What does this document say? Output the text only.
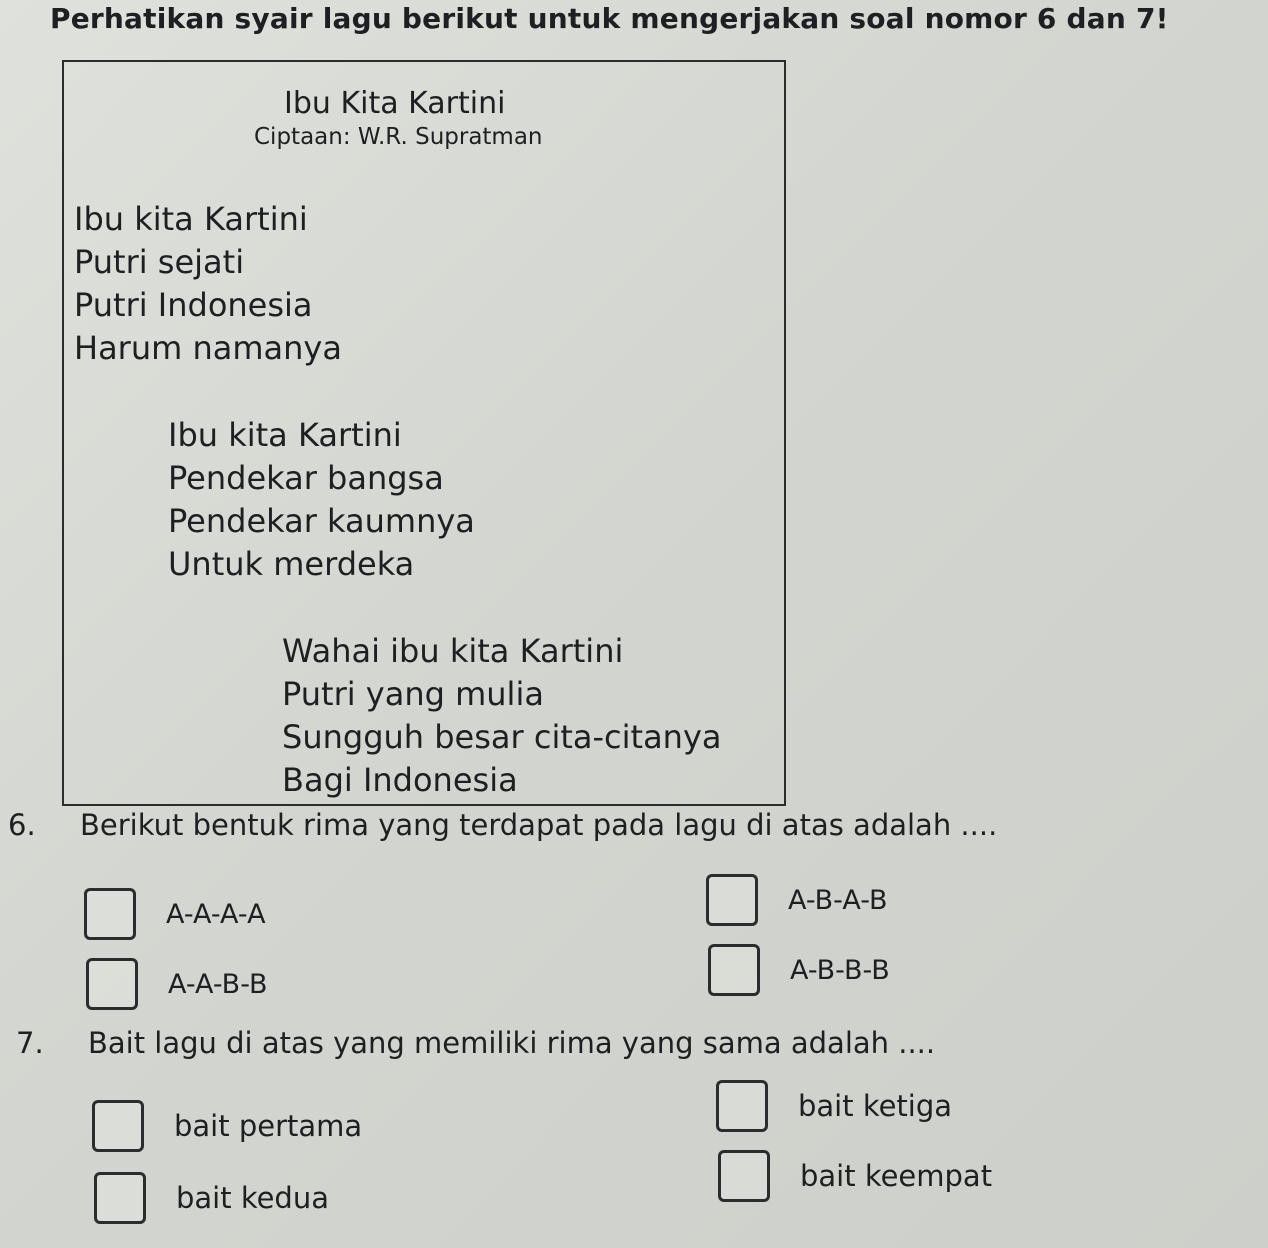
Perhatikan syair lagu berikut untuk mengerjakan soal nomor 6 dan 7!
Ibu Kita Kartini
Ciptaan: W.R. Supratman
Ibu kita Kartini
Putri sejati
Putri Indonesia
Harum namanya
Ibu kita Kartini
Pendekar bangsa
Pendekar kaumnya
Untuk merdeka
Wahai ibu kita Kartini
Putri yang mulia
Sungguh besar cita-citanya
Bagi Indonesia
6. Berikut bentuk rima yang terdapat pada lagu di atas adalah ....
A-A-A-A
A-A-B-B
A-B-A-B
A-B-B-B
7. Bait lagu di atas yang memiliki rima yang sama adalah ....
bait pertama
bait kedua
bait ketiga
bait keempat
